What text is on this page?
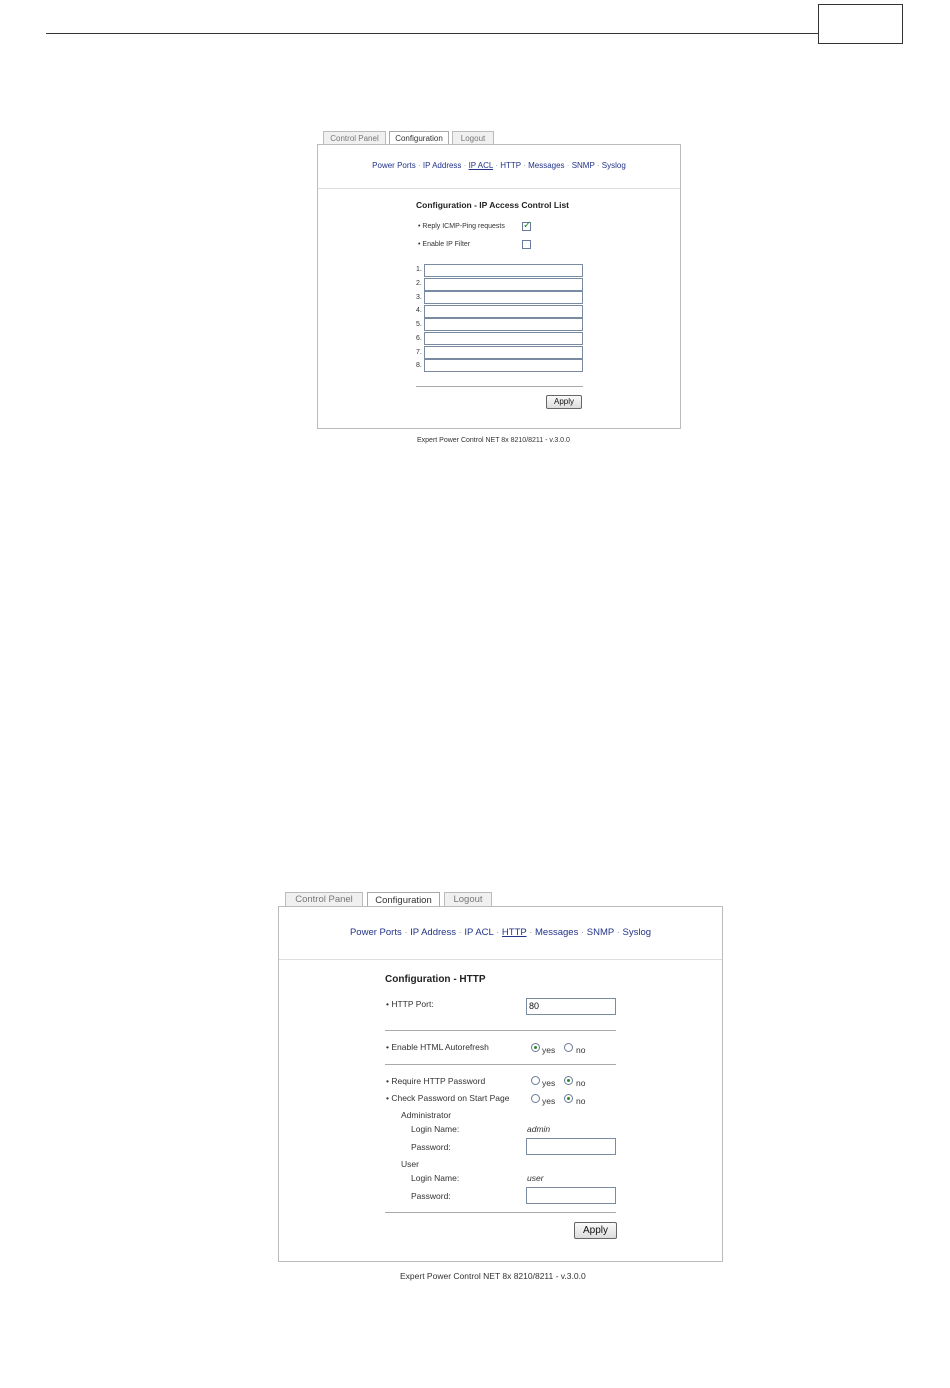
Control Panel	Configuration	Logout
Power Ports · IP Address · IP ACL · HTTP · Messages · SNMP · Syslog
Configuration - IP Access Control List
• Reply ICMP-Ping requests ✓
• Enable IP Filter
1.
2.
3.
4.
5.
6.
7.
8.
Apply
Expert Power Control NET 8x 8210/8211 - v.3.0.0
Control Panel	Configuration	Logout
Power Ports · IP Address · IP ACL · HTTP · Messages · SNMP · Syslog
Configuration - HTTP
• HTTP Port:	80
• Enable HTML Autorefresh	yes no
• Require HTTP Password	yes no
• Check Password on Start Page	yes no
Administrator
Login Name:	admin
Password:
User
Login Name:	user
Password:
Apply
Expert Power Control NET 8x 8210/8211 - v.3.0.0
